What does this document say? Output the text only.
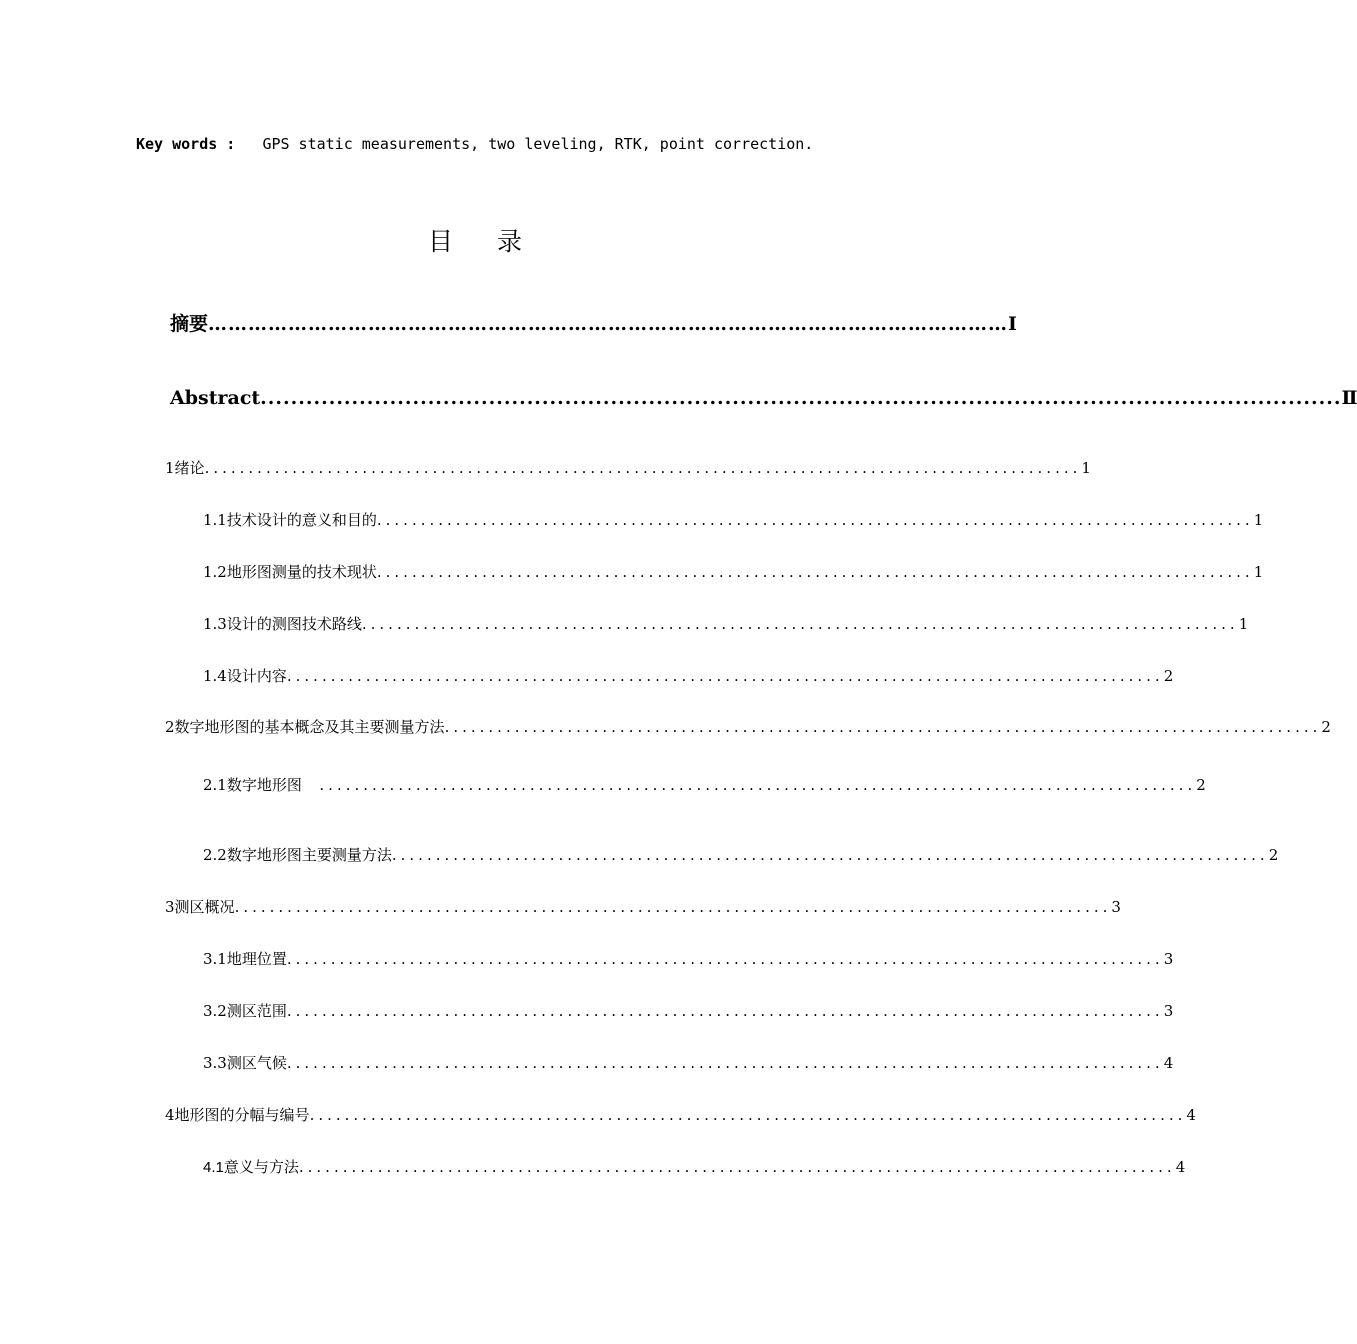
Key words : GPS static measurements, two leveling, RTK, point correction.
目录
摘要 ………………………………………………………………………………………………………… Ⅰ
Abstract .............................................................................................................................................. Ⅱ
1 绪论 .................................................................................................... 1
1.1 技术设计的意义和目的 .................................................................................................... 1
1.2 地形图测量的技术现状 .................................................................................................... 1
1.3 设计的测图技术路线 .................................................................................................... 1
1.4 设计内容 .................................................................................................... 2
2 数字地形图的基本概念及其主要测量方法 .................................................................................................... 2
2.1 数字地形图 .................................................................................................... 2
2.2 数字地形图主要测量方法 .................................................................................................... 2
3 测区概况 .................................................................................................... 3
3.1 地理位置 .................................................................................................... 3
3.2 测区范围 .................................................................................................... 3
3.3 测区气候 .................................................................................................... 4
4 地形图的分幅与编号 .................................................................................................... 4
4.1 意义与方法 .................................................................................................... 4
